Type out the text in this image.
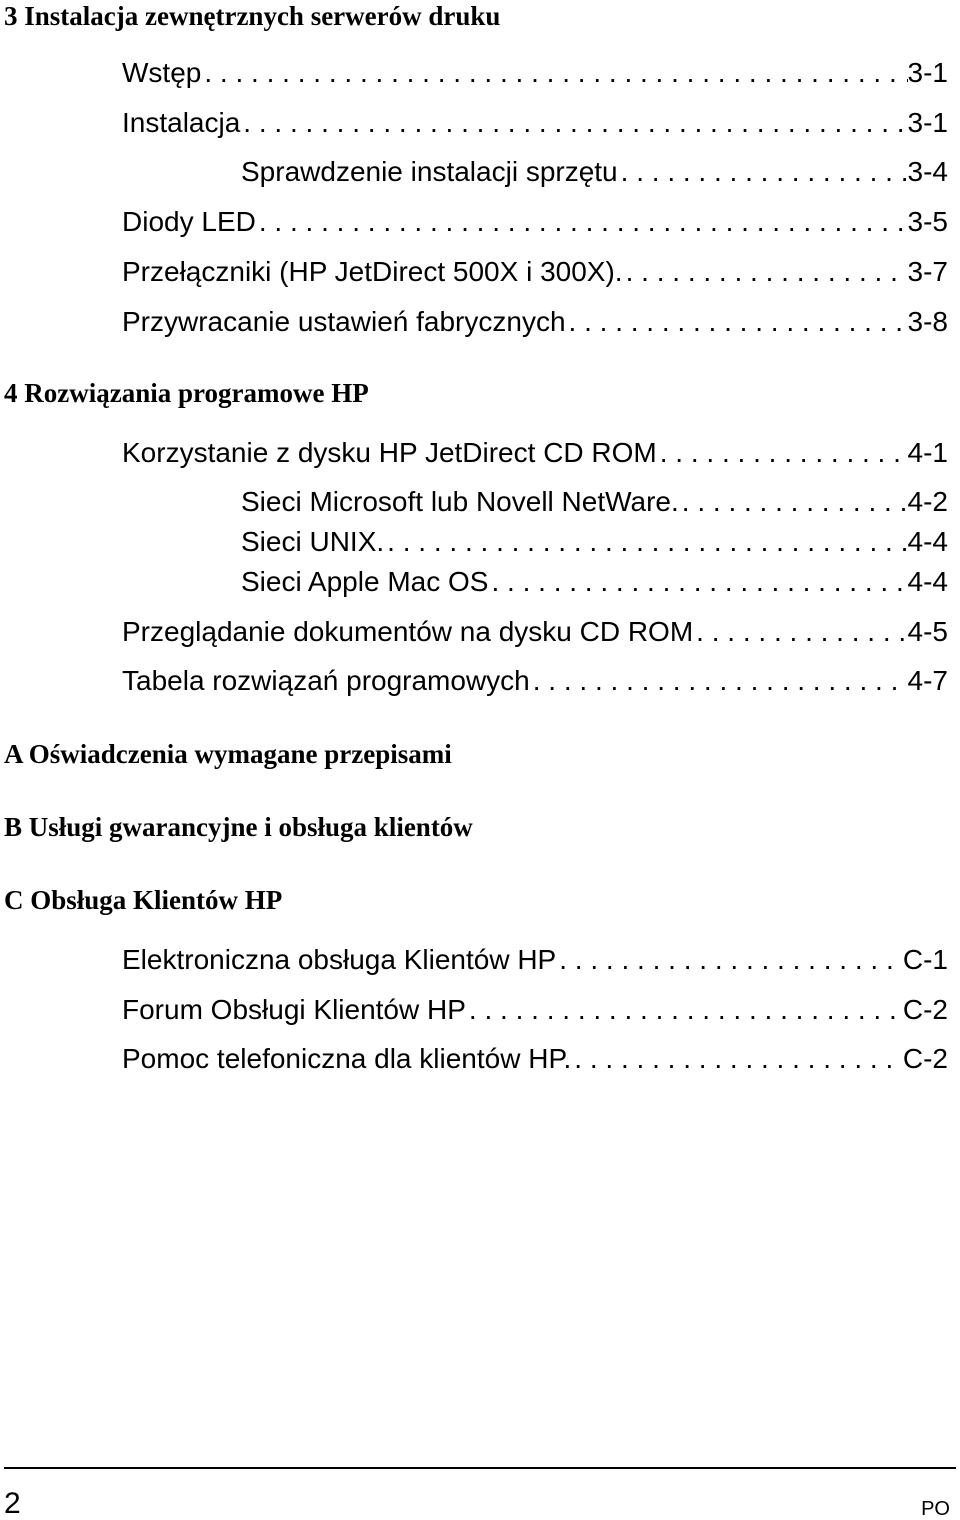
3 Instalacja zewnętrznych serwerów druku
Wstęp . . .	3-1
Instalacja . . .	3-1
Sprawdzenie instalacji sprzętu . . .	3-4
Diody LED . . .	3-5
Przełączniki (HP JetDirect 500X i 300X). . . .	3-7
Przywracanie ustawień fabrycznych . . .	3-8
4 Rozwiązania programowe HP
Korzystanie z dysku HP JetDirect CD ROM . . .	4-1
Sieci Microsoft lub Novell NetWare. . . .	4-2
Sieci UNIX. . . .	4-4
Sieci Apple Mac OS . . .	4-4
Przeglądanie dokumentów na dysku CD ROM . . .	4-5
Tabela rozwiązań programowych . . .	4-7
A Oświadczenia wymagane przepisami
B Usługi gwarancyjne i obsługa klientów
C Obsługa Klientów HP
Elektroniczna obsługa Klientów HP . . .	C-1
Forum Obsługi Klientów HP . . .	C-2
Pomoc telefoniczna dla klientów HP. . . .	C-2
2	PO
